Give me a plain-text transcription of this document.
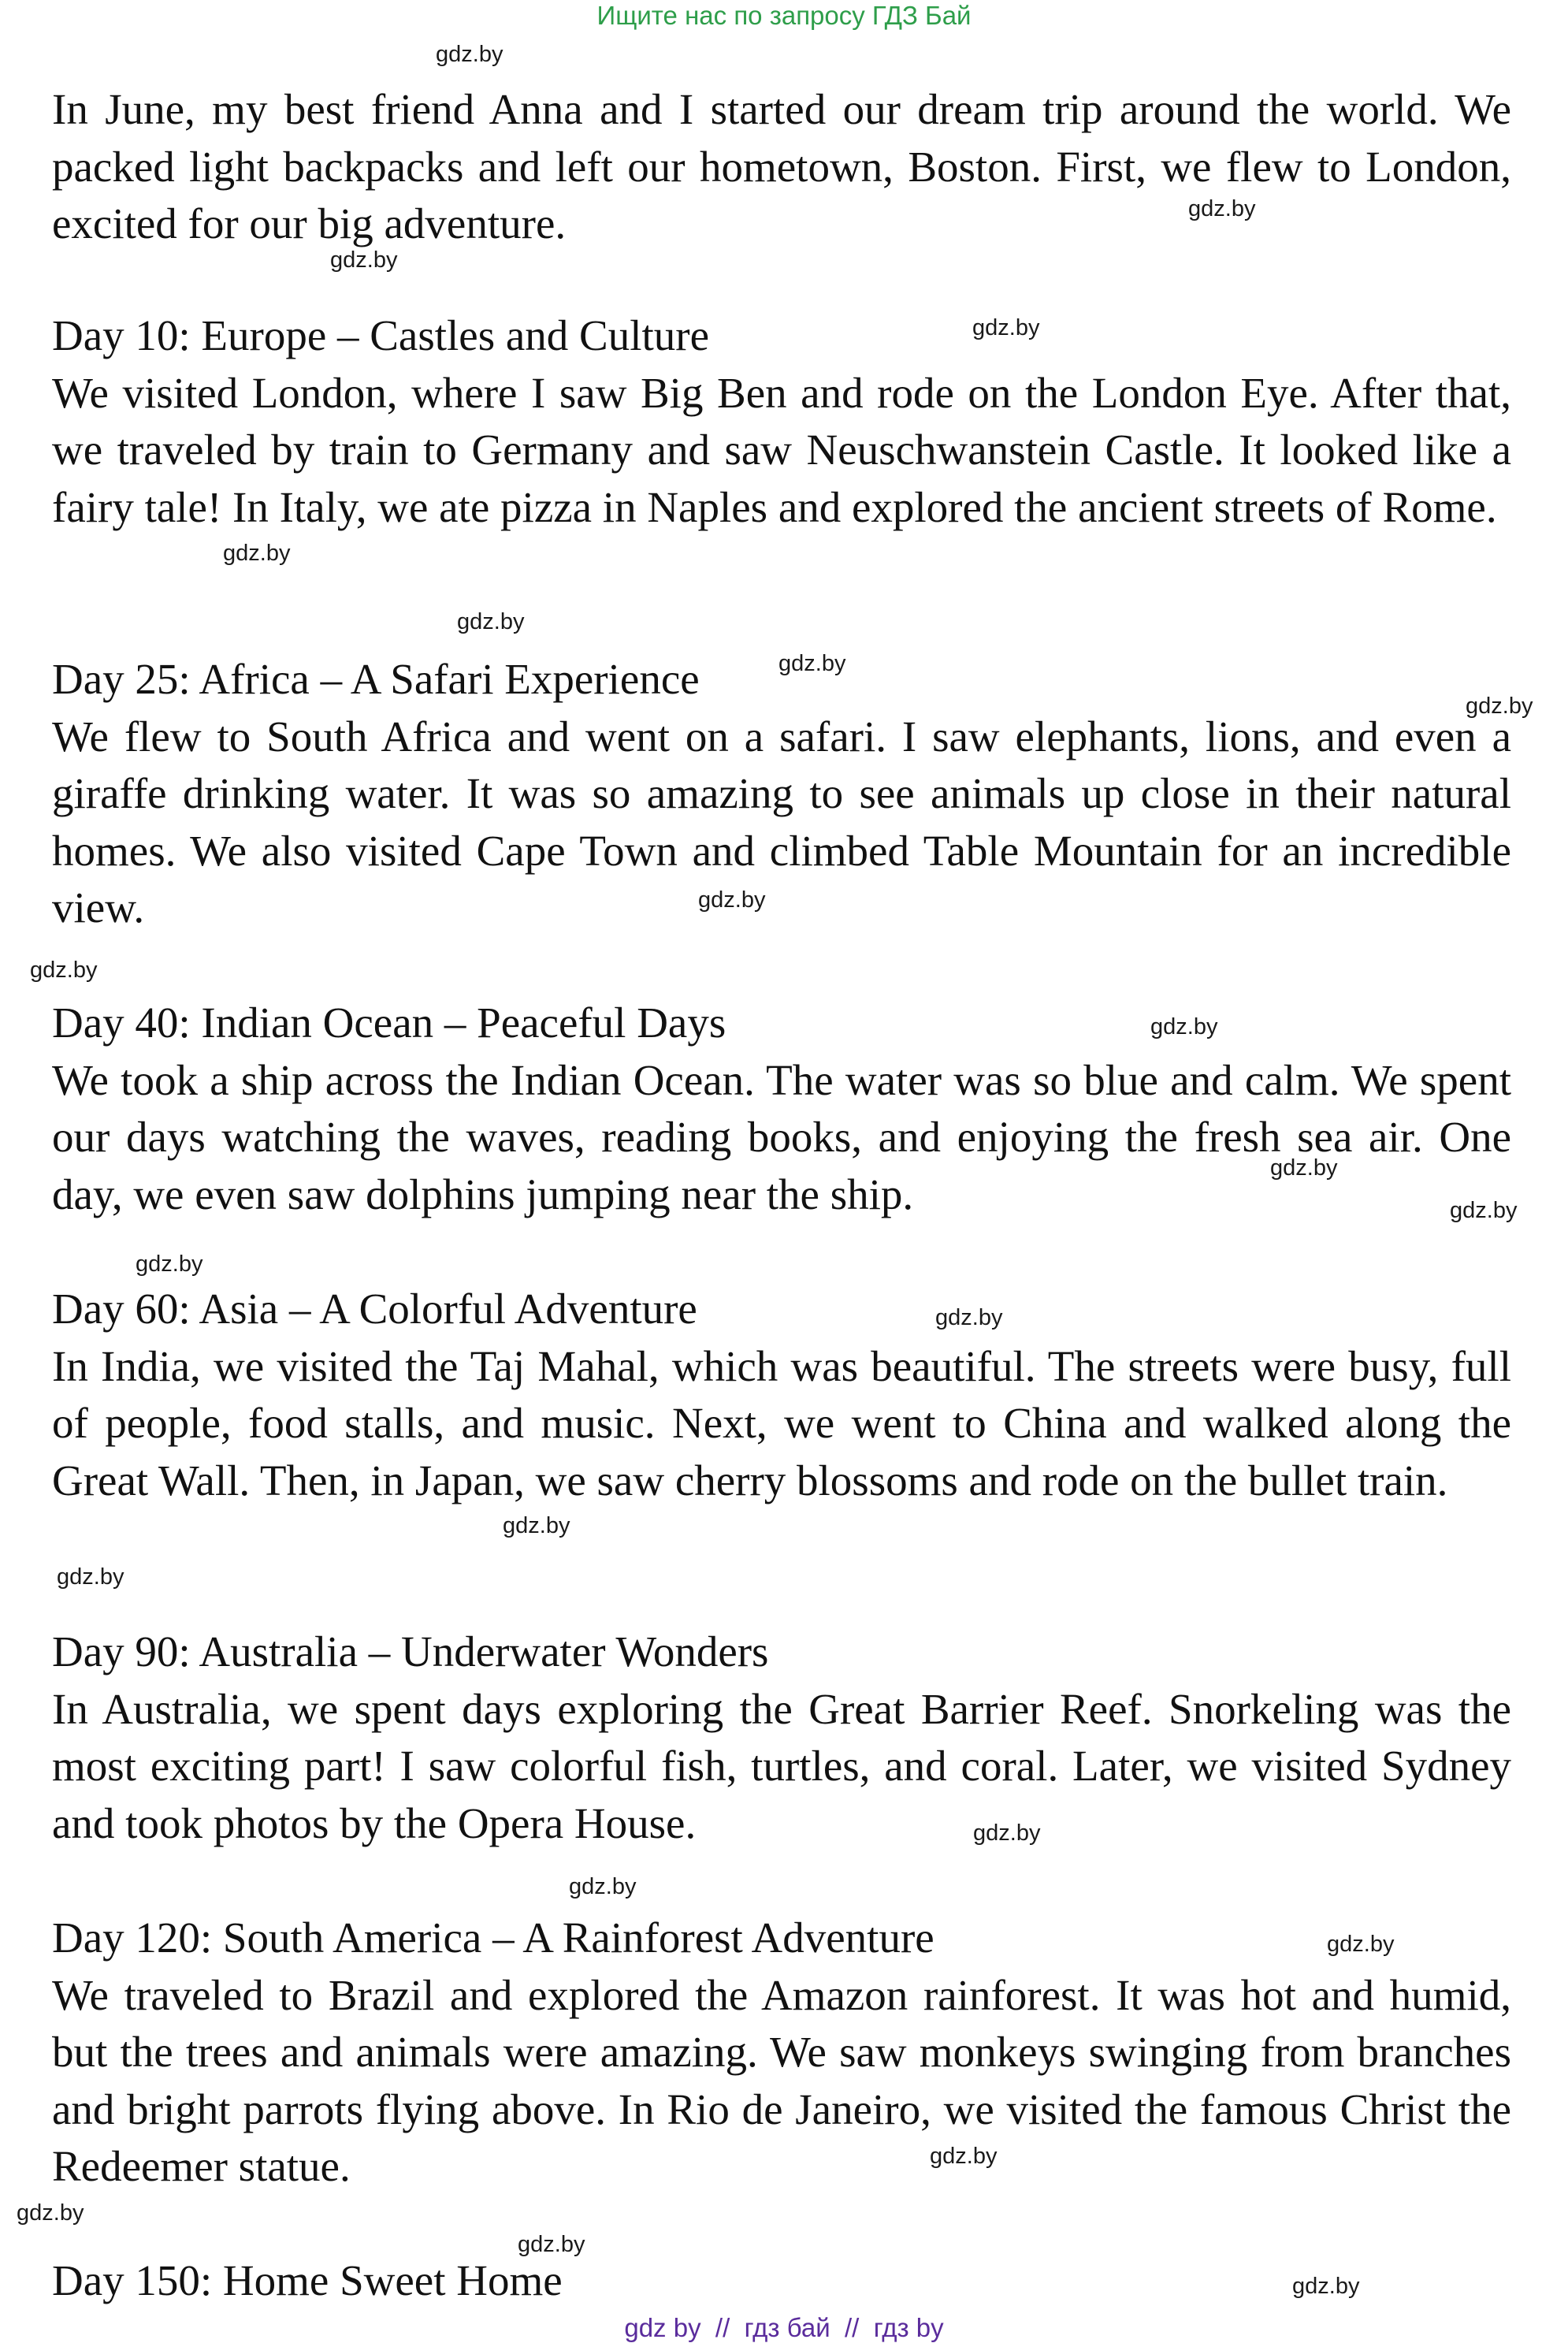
Ищите нас по запросу ГДЗ Бай

In June, my best friend Anna and I started our dream trip around the world. We packed light backpacks and left our hometown, Boston. First, we flew to London, excited for our big adventure.

Day 10: Europe – Castles and Culture

We visited London, where I saw Big Ben and rode on the London Eye. After that, we traveled by train to Germany and saw Neuschwanstein Castle. It looked like a fairy tale! In Italy, we ate pizza in Naples and explored the ancient streets of Rome.

Day 25: Africa – A Safari Experience

We flew to South Africa and went on a safari. I saw elephants, lions, and even a giraffe drinking water. It was so amazing to see animals up close in their natural homes. We also visited Cape Town and climbed Table Mountain for an incredible view.

Day 40: Indian Ocean – Peaceful Days

We took a ship across the Indian Ocean. The water was so blue and calm. We spent our days watching the waves, reading books, and enjoying the fresh sea air. One day, we even saw dolphins jumping near the ship.

Day 60: Asia – A Colorful Adventure

In India, we visited the Taj Mahal, which was beautiful. The streets were busy, full of people, food stalls, and music. Next, we went to China and walked along the Great Wall. Then, in Japan, we saw cherry blossoms and rode on the bullet train.

Day 90: Australia – Underwater Wonders

In Australia, we spent days exploring the Great Barrier Reef. Snorkeling was the most exciting part! I saw colorful fish, turtles, and coral. Later, we visited Sydney and took photos by the Opera House.

Day 120: South America – A Rainforest Adventure

We traveled to Brazil and explored the Amazon rainforest. It was hot and humid, but the trees and animals were amazing. We saw monkeys swinging from branches and bright parrots flying above. In Rio de Janeiro, we visited the famous Christ the Redeemer statue.

Day 150: Home Sweet Home
gdz.by
gdz.by
gdz.by
gdz.by
gdz.by
gdz.by
gdz.by
gdz.by
gdz.by
gdz.by
gdz.by
gdz.by
gdz.by
gdz.by
gdz.by
gdz.by
gdz.by
gdz.by
gdz.by
gdz.by
gdz.by
gdz.by
gdz.by
gdz.by
gdz by // гдз бай // гдз by
